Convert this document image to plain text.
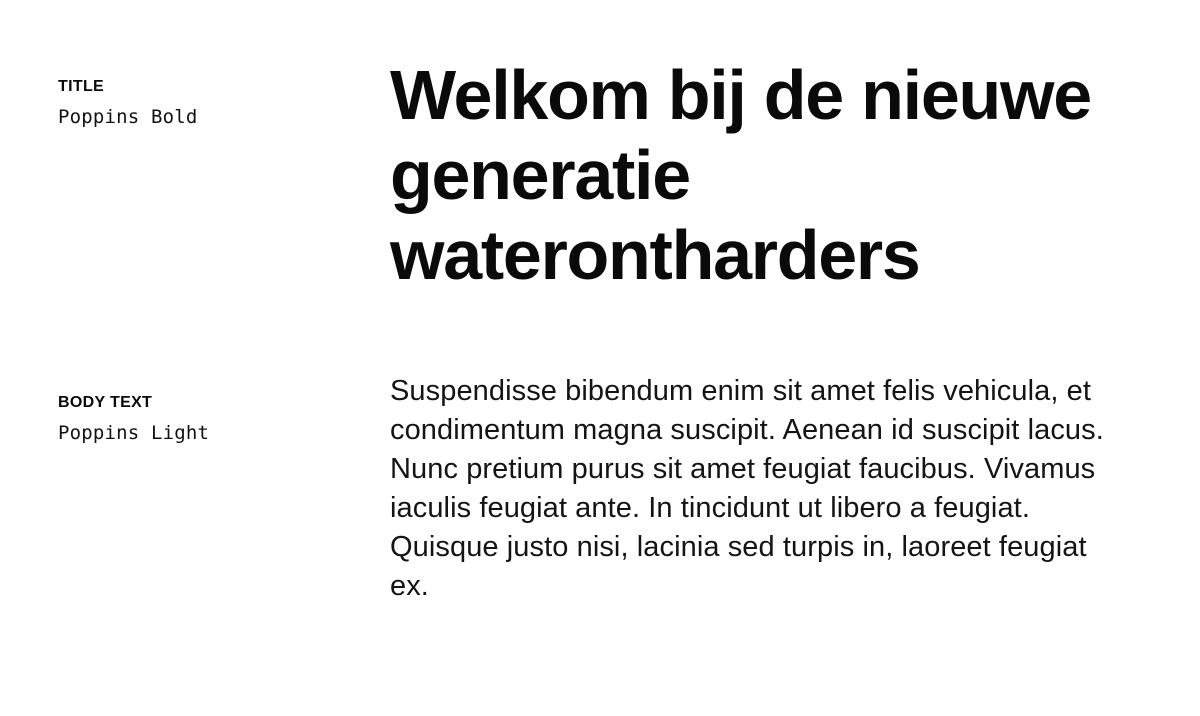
TITLE

Poppins Bold	Welkom bij de nieuwe generatie waterontharders

BODY TEXT

Poppins Light

Suspendisse bibendum enim sit amet felis vehicula, et condimentum magna suscipit. Aenean id suscipit lacus. Nunc pretium purus sit amet feugiat faucibus. Vivamus iaculis feugiat ante. In tincidunt ut libero a feugiat. Quisque justo nisi, lacinia sed turpis in, laoreet feugiat ex.
